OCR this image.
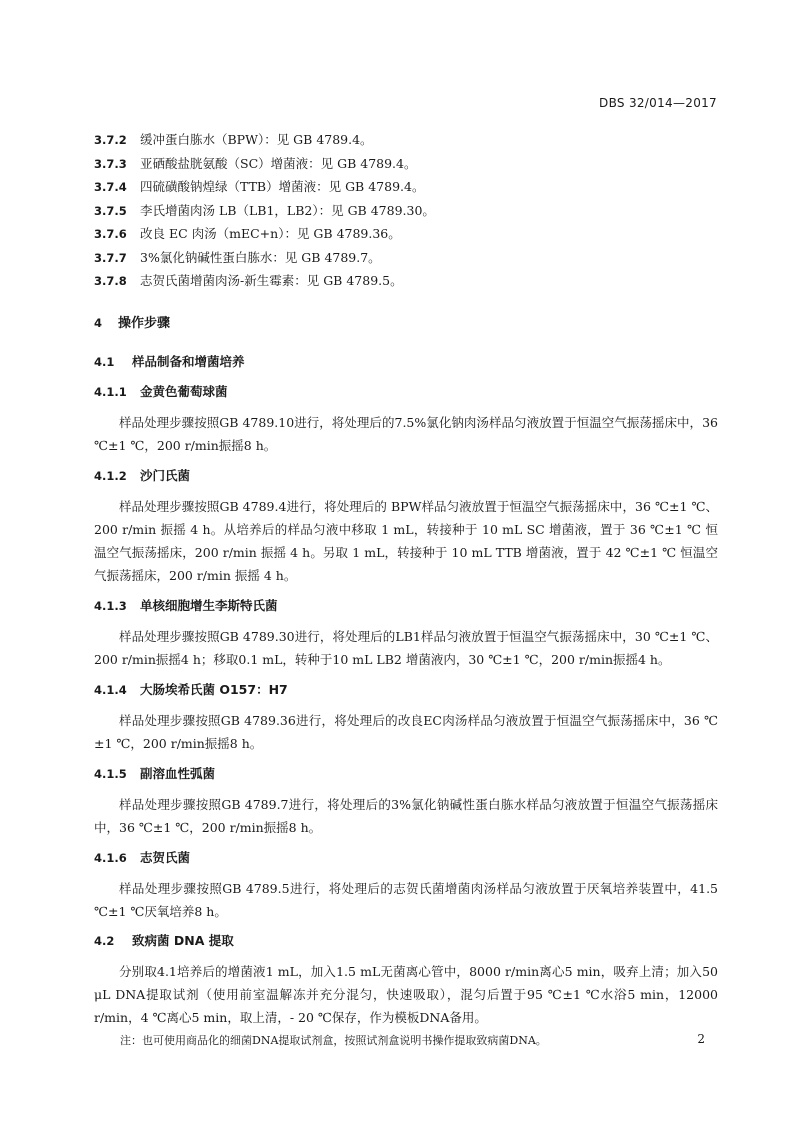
DBS 32/014—2017
3.7.2 缓冲蛋白胨水（BPW）：见 GB 4789.4。
3.7.3 亚硒酸盐胱氨酸（SC）增菌液：见 GB 4789.4。
3.7.4 四硫磺酸钠煌绿（TTB）增菌液：见 GB 4789.4。
3.7.5 李氏增菌肉汤 LB（LB1，LB2）：见 GB 4789.30。
3.7.6 改良 EC 肉汤（mEC+n）：见 GB 4789.36。
3.7.7 3%氯化钠碱性蛋白胨水：见 GB 4789.7。
3.7.8 志贺氏菌增菌肉汤-新生霉素：见 GB 4789.5。
4 操作步骤
4.1 样品制备和增菌培养
4.1.1 金黄色葡萄球菌

样品处理步骤按照GB 4789.10进行，将处理后的7.5%氯化钠肉汤样品匀液放置于恒温空气振荡摇床中，36 ℃±1 ℃，200 r/min振摇8 h。

4.1.2 沙门氏菌

样品处理步骤按照GB 4789.4进行，将处理后的 BPW样品匀液放置于恒温空气振荡摇床中，36 ℃±1 ℃、200 r/min 振摇 4 h。从培养后的样品匀液中移取 1 mL，转接种于 10 mL SC 增菌液，置于 36 ℃±1 ℃ 恒温空气振荡摇床，200 r/min 振摇 4 h。另取 1 mL，转接种于 10 mL TTB 增菌液，置于 42 ℃±1 ℃ 恒温空气振荡摇床，200 r/min 振摇 4 h。

4.1.3 单核细胞增生李斯特氏菌

样品处理步骤按照GB 4789.30进行，将处理后的LB1样品匀液放置于恒温空气振荡摇床中，30 ℃±1 ℃、200 r/min振摇4 h；移取0.1 mL，转种于10 mL LB2 增菌液内，30 ℃±1 ℃，200 r/min振摇4 h。

4.1.4 大肠埃希氏菌 O157：H7

样品处理步骤按照GB 4789.36进行，将处理后的改良EC肉汤样品匀液放置于恒温空气振荡摇床中，36 ℃±1 ℃，200 r/min振摇8 h。

4.1.5 副溶血性弧菌

样品处理步骤按照GB 4789.7进行，将处理后的3%氯化钠碱性蛋白胨水样品匀液放置于恒温空气振荡摇床中，36 ℃±1 ℃，200 r/min振摇8 h。

4.1.6 志贺氏菌

样品处理步骤按照GB 4789.5进行，将处理后的志贺氏菌增菌肉汤样品匀液放置于厌氧培养装置中，41.5 ℃±1 ℃厌氧培养8 h。

4.2 致病菌 DNA 提取

分别取4.1培养后的增菌液1 mL，加入1.5 mL无菌离心管中，8000 r/min离心5 min，吸弃上清；加入50 μL DNA提取试剂（使用前室温解冻并充分混匀，快速吸取），混匀后置于95 ℃±1 ℃水浴5 min，12000 r/min，4 ℃离心5 min，取上清，- 20 ℃保存，作为模板DNA备用。

注：也可使用商品化的细菌DNA提取试剂盒，按照试剂盒说明书操作提取致病菌DNA。	2
